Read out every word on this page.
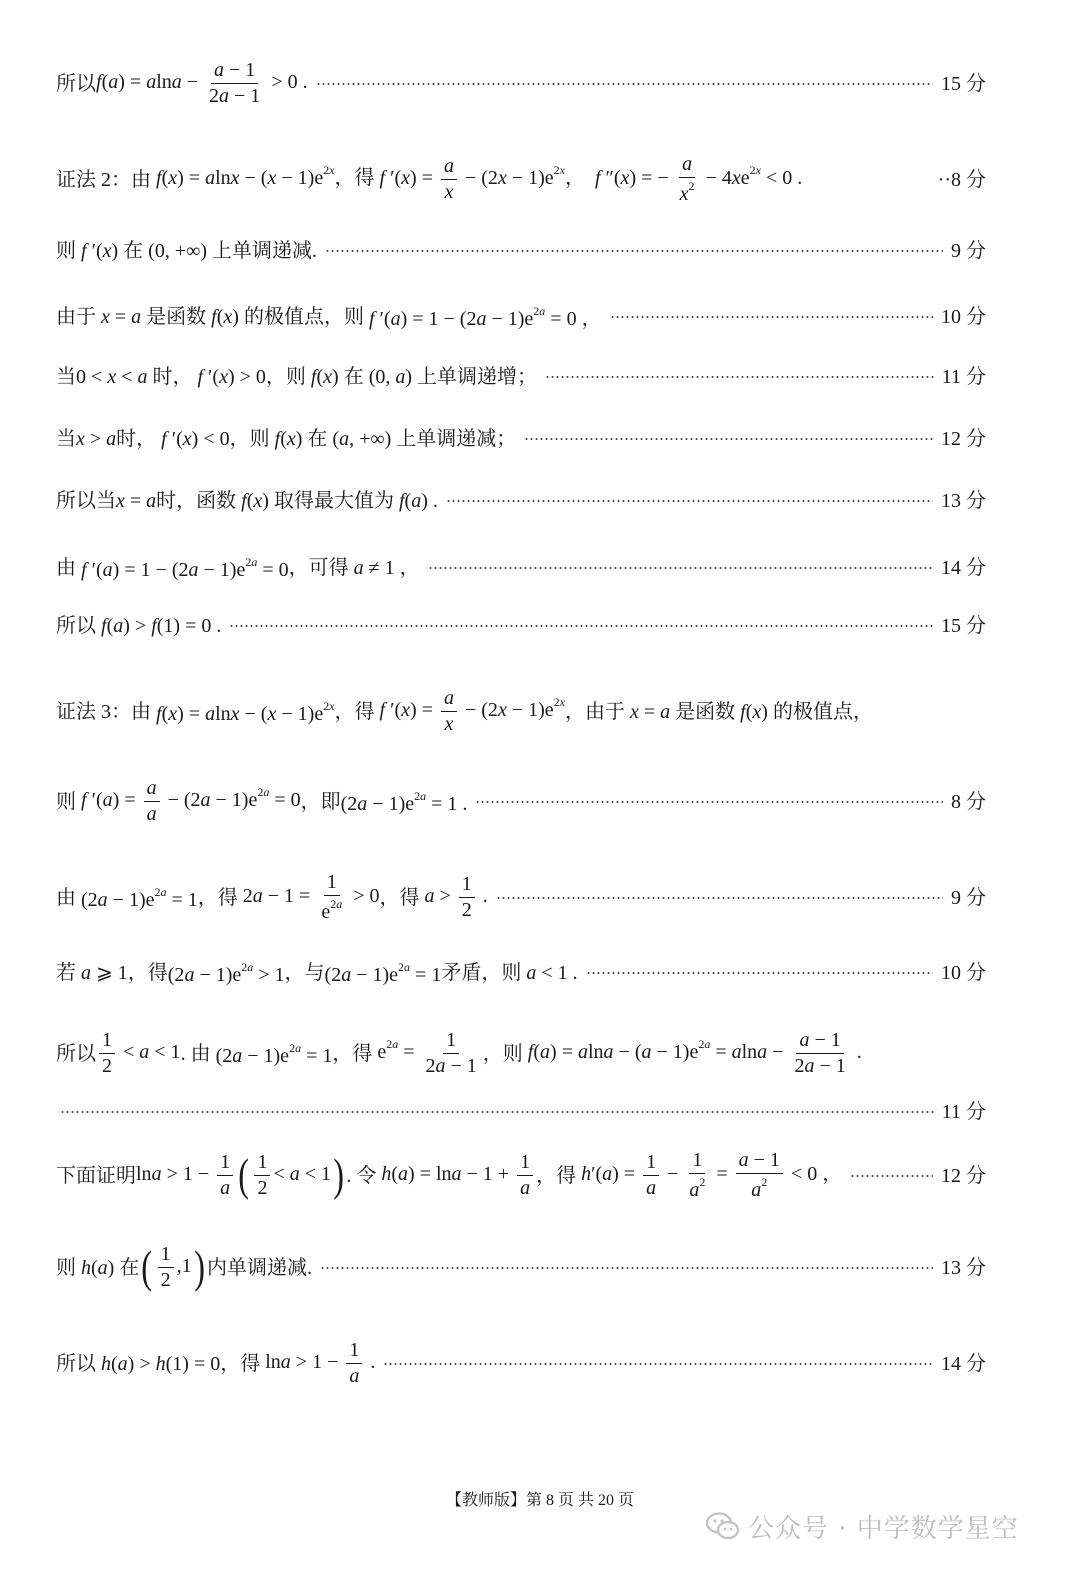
所以 $f(a) = alna - \frac{a - 1}{2a - 1} > 0$ .	15 分
证法 2：由 $f(x) = alnx - (x - 1)e^{2x}$，得 f $'(x) = \frac{a}{x} - (2x - 1)e^{2x}$，  f ″(x) = − $\frac{a}{x^2} - 4xe^{2x} < 0$ .	··8 分
则 f ′(x) 在 (0, +∞) 上单调递减.	9 分
由于 x = a 是函数 f(x) 的极值点，则 f $'(a) = 1 - (2a - 1)e^{2a} = 0$ ，	10 分
当 0 < x < a 时， f ′(x) > 0 ，则 f(x) 在 (0, a) 上单调递增；	11 分
当 x > a 时， f ′(x) < 0 ，则 f(x) 在 (a, +∞) 上单调递减；	12 分
所以当 x = a 时，函数 f(x) 取得最大值为 f(a) .	13 分
由 f $'(a) = 1 - (2a - 1)e^{2a} = 0$ ，可得 a ≠ 1 ，	14 分
所以 f(a) > f(1) = 0 .	15 分
证法 3：由 $f(x) = alnx - (x - 1)e^{2x}$ ，得 f $'(x) = \frac{a}{x} - (2x - 1)e^{2x}$ ，由于 x = a 是函数 f(x) 的极值点，
则 f $'(a) = \frac{a}{a} - (2a - 1)e^{2a} = 0$ ，即 $(2a - 1)e^{2a} = 1$ .	8 分
由 $(2a - 1)e^{2a} = 1$ ，得 $2a - 1 = \frac{1}{e^{2a}} > 0$ ，得 $a > \frac{1}{2}$ .	9 分
若 a ⩾ 1 ，得 $(2a - 1)e^{2a} > 1$ ，与 $(2a - 1)e^{2a} = 1$ 矛盾，则 a < 1 .	10 分
所以 $\frac{1}{2} < a < 1$ . 由 $(2a - 1)e^{2a} = 1$ ，得 $e^{2a} = \frac{1}{2a - 1}$ ，则 $f(a) = alna - (a - 1)e^{2a} = alna - \frac{a - 1}{2a - 1}$ .
11 分
下面证明 $\ln a > 1 - \frac{1}{a}$ ( $\frac{1}{2} < a < 1$) . 令 $h(a) = \ln a - 1 + \frac{1}{a}$ ，得 $h'(a) = \frac{1}{a} - \frac{1}{a^2} = \frac{a - 1}{a^2} < 0$ ，	12 分
则 h(a) 在 ( $\frac{1}{2} ,1$) 内单调递减.	13 分
所以 h(a) > h(1) = 0 ，得 $\ln a > 1 - \frac{1}{a}$ .	14 分
【教师版】第 8 页 共 20 页
公众号 · 中学数学星空
